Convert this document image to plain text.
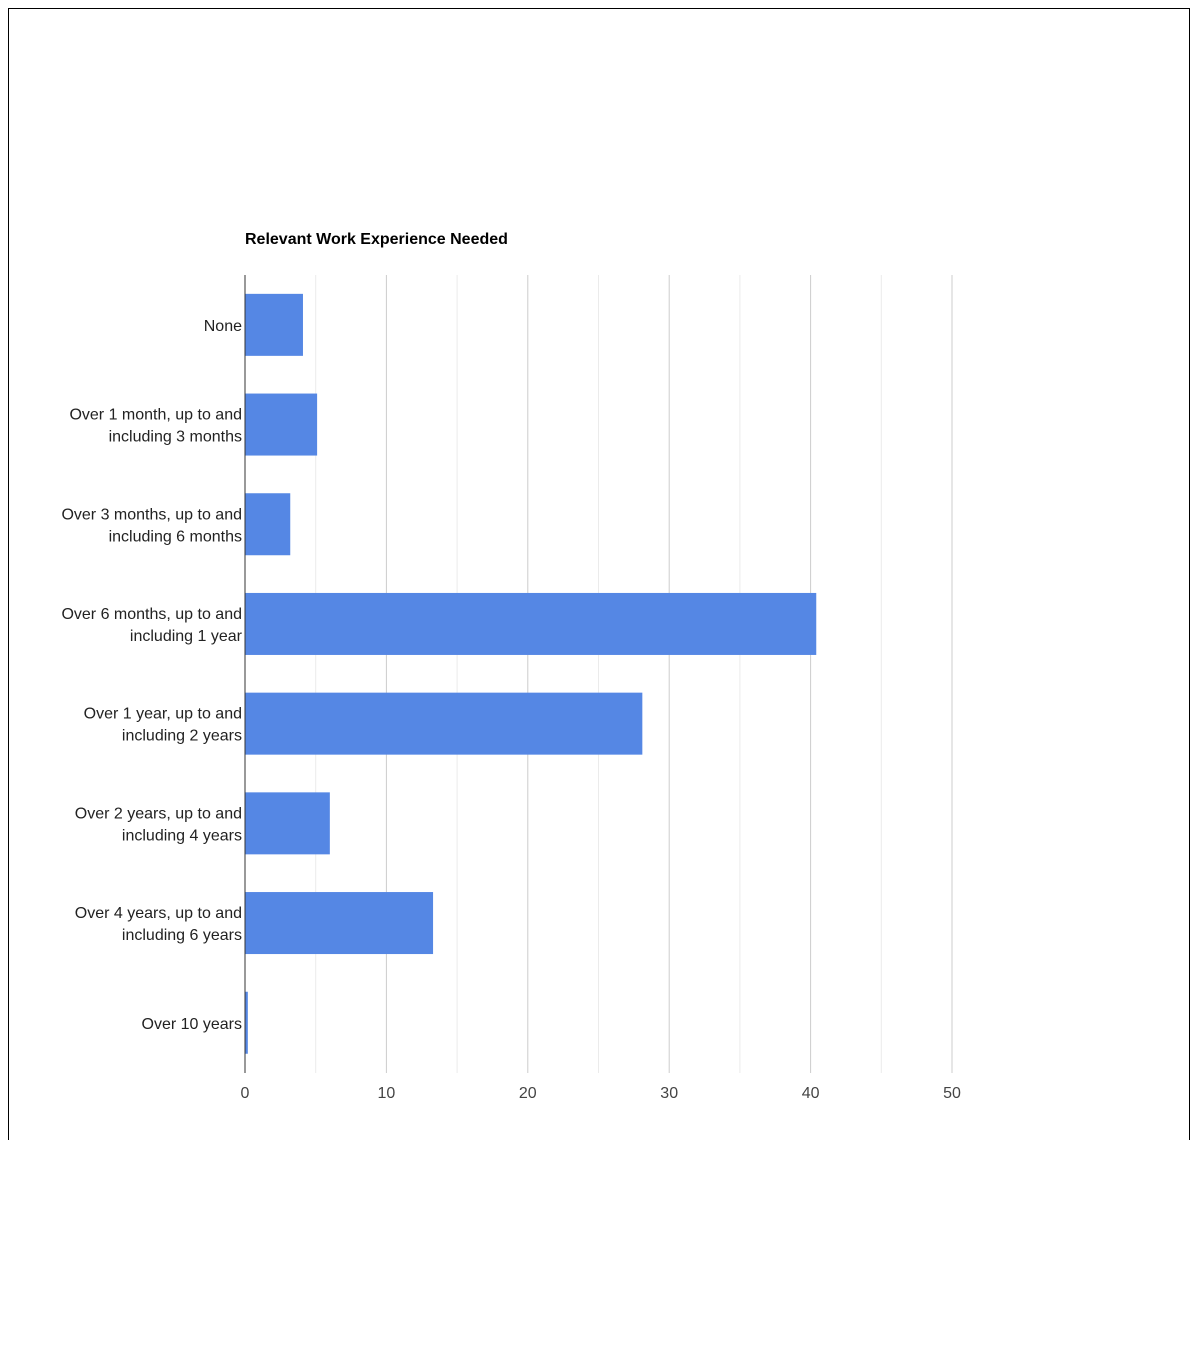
Relevant Work Experience Needed
None
Over 1 month, up to and including 3 months
Over 3 months, up to and including 6 months
Over 6 months, up to and including 1 year
Over 1 year, up to and including 2 years
Over 2 years, up to and including 4 years
Over 4 years, up to and including 6 years
Over 10 years
0	10	20	30	40	50
